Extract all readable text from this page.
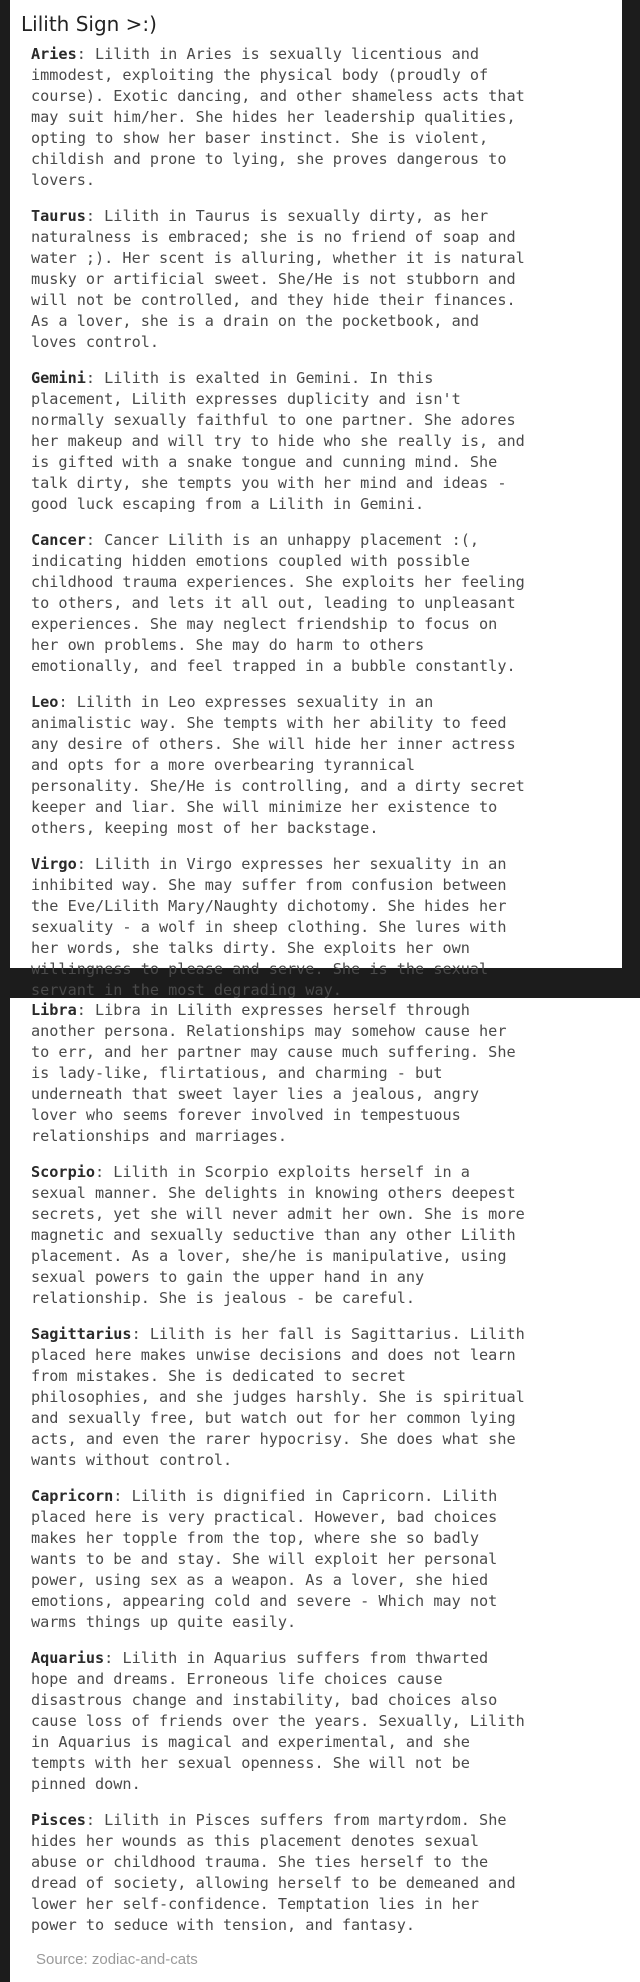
Lilith Sign >:)

Aries: Lilith in Aries is sexually licentious and
immodest, exploiting the physical body (proudly of
course). Exotic dancing, and other shameless acts that
may suit him/her. She hides her leadership qualities,
opting to show her baser instinct. She is violent,
childish and prone to lying, she proves dangerous to
lovers.

Taurus: Lilith in Taurus is sexually dirty, as her
naturalness is embraced; she is no friend of soap and
water ;). Her scent is alluring, whether it is natural
musky or artificial sweet. She/He is not stubborn and
will not be controlled, and they hide their finances.
As a lover, she is a drain on the pocketbook, and
loves control.

Gemini: Lilith is exalted in Gemini. In this
placement, Lilith expresses duplicity and isn't
normally sexually faithful to one partner. She adores
her makeup and will try to hide who she really is, and
is gifted with a snake tongue and cunning mind. She
talk dirty, she tempts you with her mind and ideas -
good luck escaping from a Lilith in Gemini.

Cancer: Cancer Lilith is an unhappy placement :(,
indicating hidden emotions coupled with possible
childhood trauma experiences. She exploits her feeling
to others, and lets it all out, leading to unpleasant
experiences. She may neglect friendship to focus on
her own problems. She may do harm to others
emotionally, and feel trapped in a bubble constantly.

Leo: Lilith in Leo expresses sexuality in an
animalistic way. She tempts with her ability to feed
any desire of others. She will hide her inner actress
and opts for a more overbearing tyrannical
personality. She/He is controlling, and a dirty secret
keeper and liar. She will minimize her existence to
others, keeping most of her backstage.

Virgo: Lilith in Virgo expresses her sexuality in an
inhibited way. She may suffer from confusion between
the Eve/Lilith Mary/Naughty dichotomy. She hides her
sexuality - a wolf in sheep clothing. She lures with
her words, she talks dirty. She exploits her own
willingness to please and serve. She is the sexual
servant in the most degrading way.

Libra: Libra in Lilith expresses herself through
another persona. Relationships may somehow cause her
to err, and her partner may cause much suffering. She
is lady-like, flirtatious, and charming - but
underneath that sweet layer lies a jealous, angry
lover who seems forever involved in tempestuous
relationships and marriages.

Scorpio: Lilith in Scorpio exploits herself in a
sexual manner. She delights in knowing others deepest
secrets, yet she will never admit her own. She is more
magnetic and sexually seductive than any other Lilith
placement. As a lover, she/he is manipulative, using
sexual powers to gain the upper hand in any
relationship. She is jealous - be careful.

Sagittarius: Lilith is her fall is Sagittarius. Lilith
placed here makes unwise decisions and does not learn
from mistakes. She is dedicated to secret
philosophies, and she judges harshly. She is spiritual
and sexually free, but watch out for her common lying
acts, and even the rarer hypocrisy. She does what she
wants without control.

Capricorn: Lilith is dignified in Capricorn. Lilith
placed here is very practical. However, bad choices
makes her topple from the top, where she so badly
wants to be and stay. She will exploit her personal
power, using sex as a weapon. As a lover, she hied
emotions, appearing cold and severe - Which may not
warms things up quite easily.

Aquarius: Lilith in Aquarius suffers from thwarted
hope and dreams. Erroneous life choices cause
disastrous change and instability, bad choices also
cause loss of friends over the years. Sexually, Lilith
in Aquarius is magical and experimental, and she
tempts with her sexual openness. She will not be
pinned down.

Pisces: Lilith in Pisces suffers from martyrdom. She
hides her wounds as this placement denotes sexual
abuse or childhood trauma. She ties herself to the
dread of society, allowing herself to be demeaned and
lower her self-confidence. Temptation lies in her
power to seduce with tension, and fantasy.

Source: zodiac-and-cats
